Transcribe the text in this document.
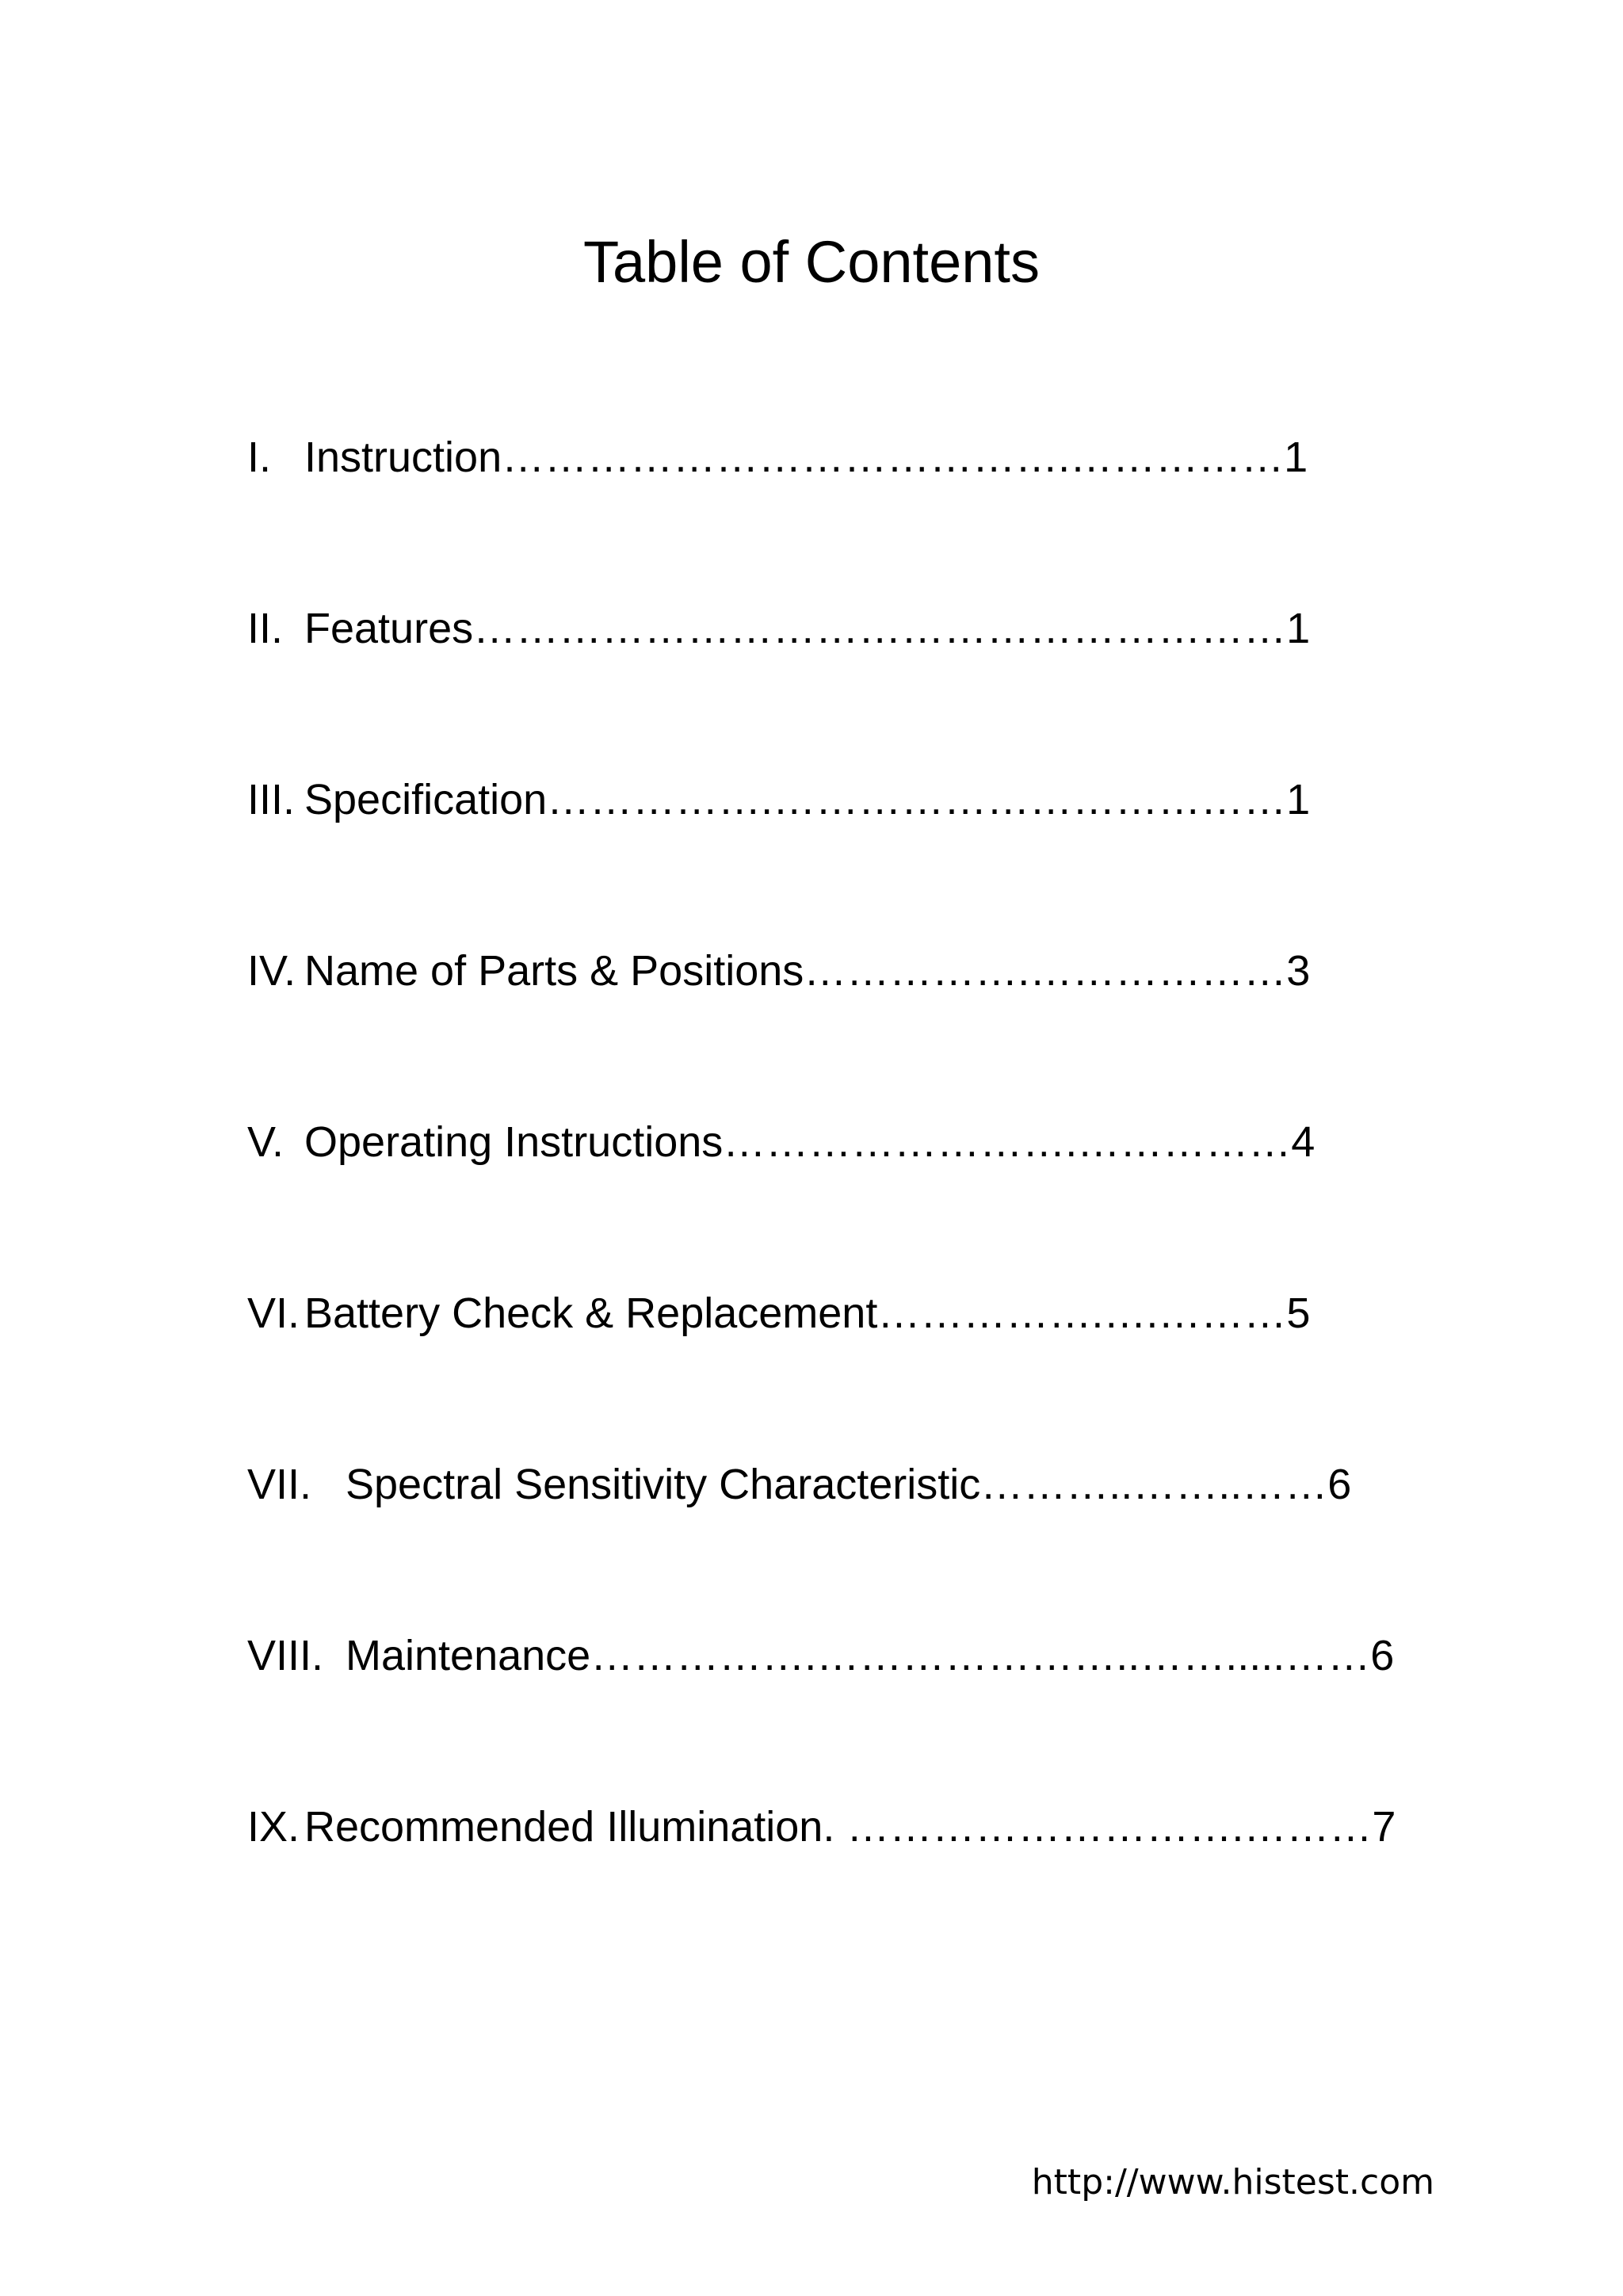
Table of Contents
I. Instruction………………………………….……………1
II. Features…………………………………………………1
III. Specification…………….………………………………1
IV. Name of Parts & Positions…………….………………3
V. Operating Instructions…………………….……………4
VI. Battery Check & Replacement…………….….………5
VII. Spectral Sensitivity Characteristic………..……..……6
VIII. Maintenance…………….…………………..…….....……6
IX. Recommended Illumination. ……………………….………7
http://www.histest.com
